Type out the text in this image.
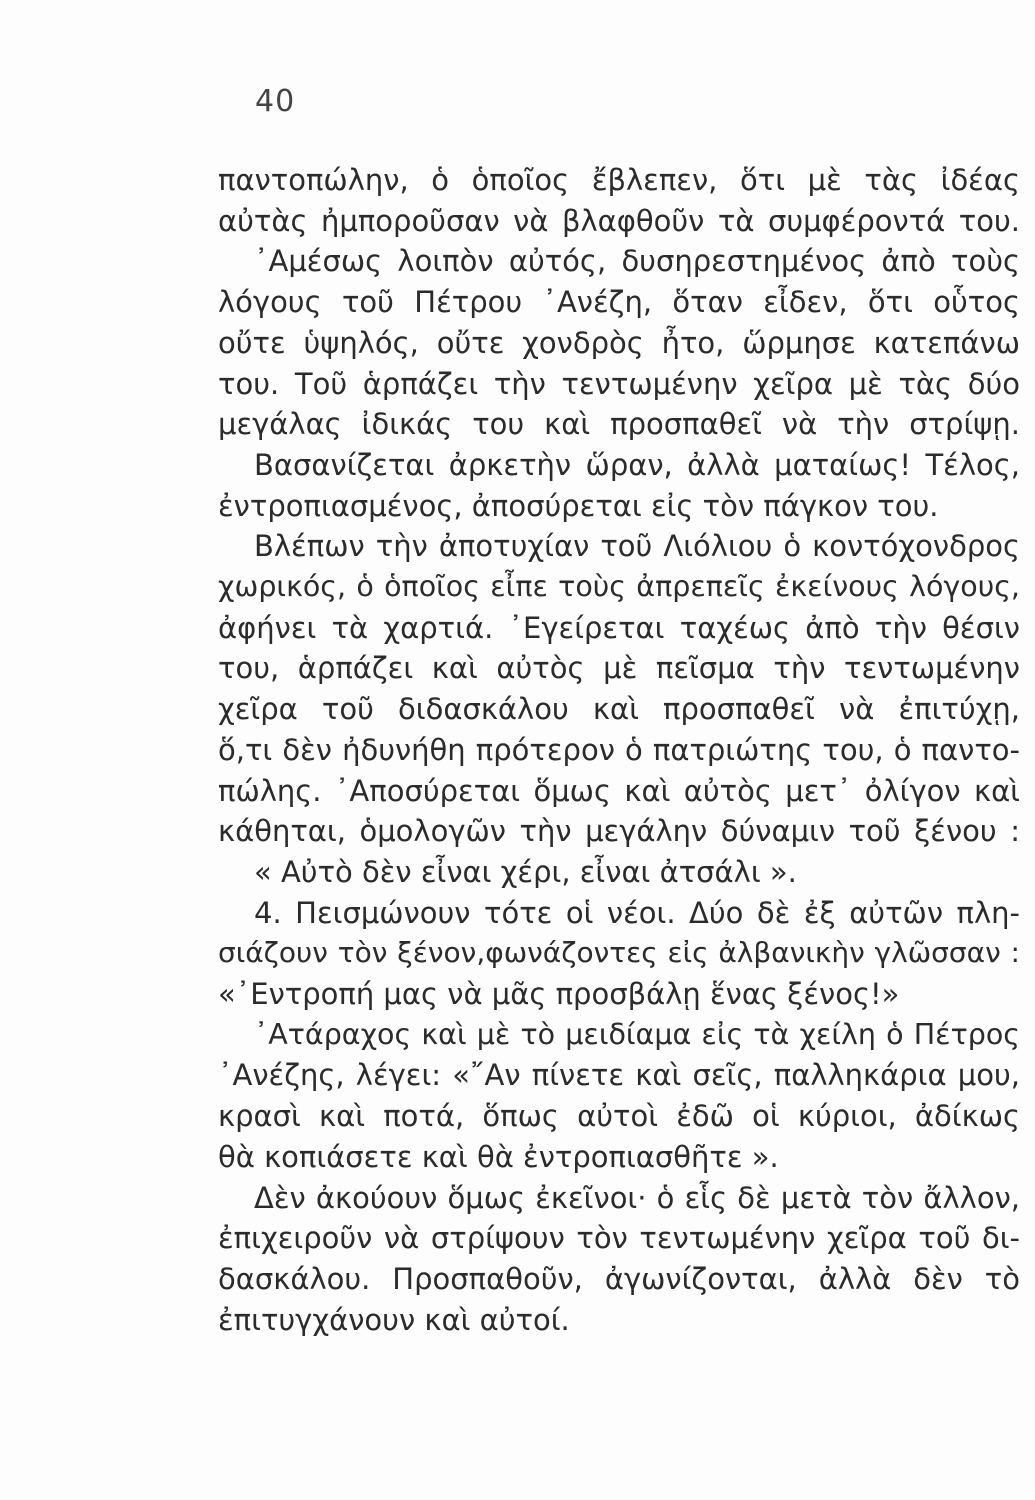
40
παντοπώλην, ὁ ὁποῖος ἔβλεπεν, ὅτι μὲ τὰς ἰδέας
αὐτὰς ἠμποροῦσαν νὰ βλαφθοῦν τὰ συμφέροντά του.
᾿Αμέσως λοιπὸν αὐτός, δυσηρεστημένος ἀπὸ τοὺς
λόγους τοῦ Πέτρου ᾿Ανέζη, ὅταν εἶδεν, ὅτι οὗτος
οὔτε ὑψηλός, οὔτε χονδρὸς ἦτο, ὥρμησε κατεπάνω
του. Τοῦ ἁρπάζει τὴν τεντωμένην χεῖρα μὲ τὰς δύο
μεγάλας ἰδικάς του καὶ προσπαθεῖ νὰ τὴν στρίψῃ.
Βασανίζεται ἀρκετὴν ὥραν, ἀλλὰ ματαίως! Τέλος,
ἐντροπιασμένος, ἀποσύρεται εἰς τὸν πάγκον του.
Βλέπων τὴν ἀποτυχίαν τοῦ Λιόλιου ὁ κοντόχονδρος
χωρικός, ὁ ὁποῖος εἶπε τοὺς ἀπρεπεῖς ἐκείνους λόγους,
ἀφήνει τὰ χαρτιά. ᾿Εγείρεται ταχέως ἀπὸ τὴν θέσιν
του, ἁρπάζει καὶ αὐτὸς μὲ πεῖσμα τὴν τεντωμένην
χεῖρα τοῦ διδασκάλου καὶ προσπαθεῖ νὰ ἐπιτύχῃ,
ὅ,τι δὲν ἠδυνήθη πρότερον ὁ πατριώτης του, ὁ παντο-
πώλης. ᾿Αποσύρεται ὅμως καὶ αὐτὸς μετ᾽ ὀλίγον καὶ
κάθηται, ὁμολογῶν τὴν μεγάλην δύναμιν τοῦ ξένου :
« Αὐτὸ δὲν εἶναι χέρι, εἶναι ἀτσάλι ».
4. Πεισμώνουν τότε οἱ νέοι. Δύο δὲ ἐξ αὐτῶν πλη-
σιάζουν τὸν ξένον,φωνάζοντες εἰς ἀλβανικὴν γλῶσσαν :
«᾿Εντροπή μας νὰ μᾶς προσβάλῃ ἕνας ξένος!»
᾿Ατάραχος καὶ μὲ τὸ μειδίαμα εἰς τὰ χείλη ὁ Πέτρος
᾿Ανέζης, λέγει: «῎Αν πίνετε καὶ σεῖς, παλληκάρια μου,
κρασὶ καὶ ποτά, ὅπως αὐτοὶ ἐδῶ οἱ κύριοι, ἀδίκως
θὰ κοπιάσετε καὶ θὰ ἐντροπιασθῆτε ».
Δὲν ἀκούουν ὅμως ἐκεῖνοι· ὁ εἷς δὲ μετὰ τὸν ἄλλον,
ἐπιχειροῦν νὰ στρίψουν τὸν τεντωμένην χεῖρα τοῦ δι-
δασκάλου. Προσπαθοῦν, ἀγωνίζονται, ἀλλὰ δὲν τὸ
ἐπιτυγχάνουν καὶ αὐτοί.
